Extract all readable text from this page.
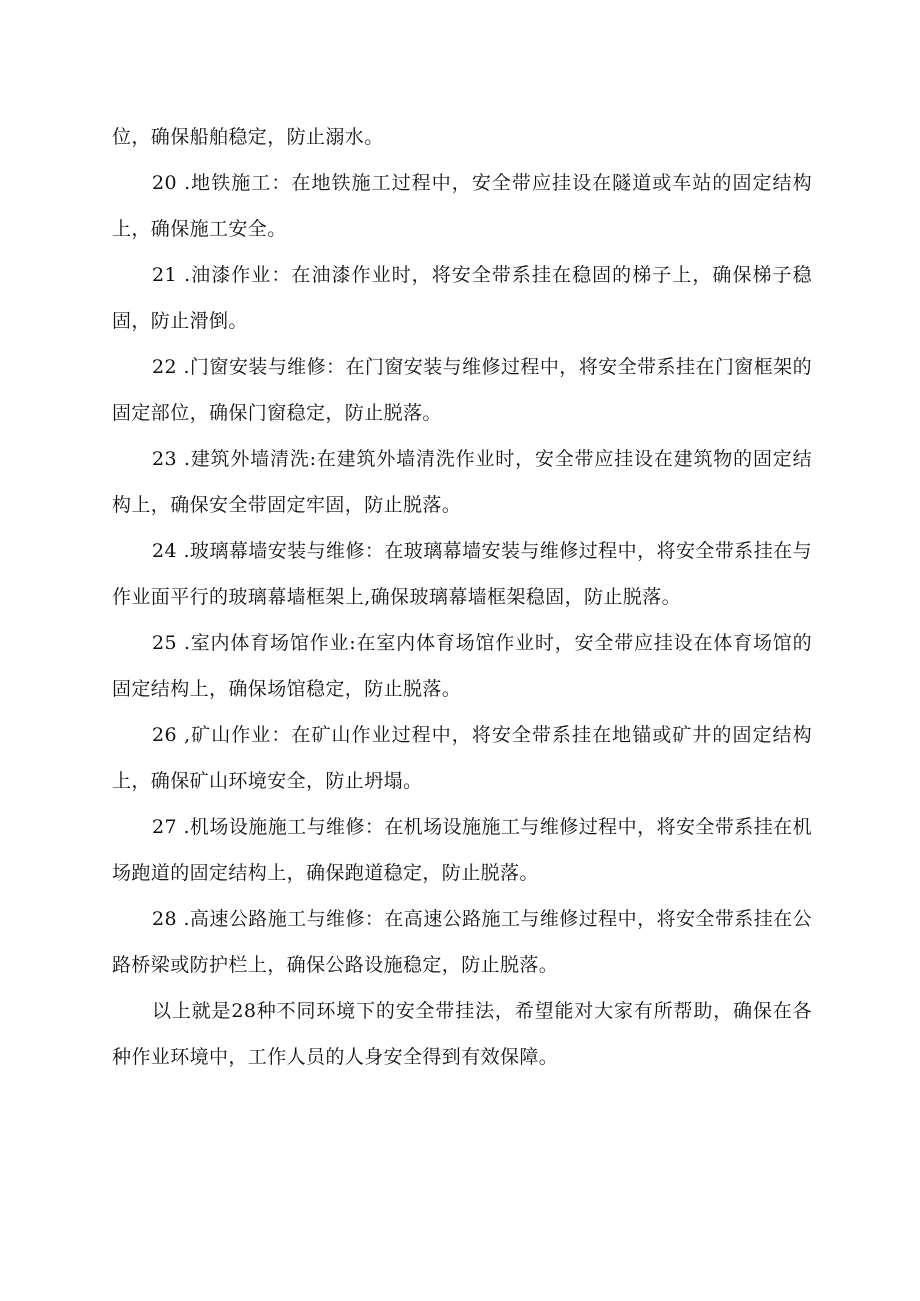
位，确保船舶稳定，防止溺水。

20 .地铁施工：在地铁施工过程中，安全带应挂设在隧道或车站的固定结构上，确保施工安全。

21 .油漆作业：在油漆作业时，将安全带系挂在稳固的梯子上，确保梯子稳固，防止滑倒。

22 .门窗安装与维修：在门窗安装与维修过程中，将安全带系挂在门窗框架的固定部位，确保门窗稳定，防止脱落。

23 .建筑外墙清洗:在建筑外墙清洗作业时，安全带应挂设在建筑物的固定结构上，确保安全带固定牢固，防止脱落。

24 .玻璃幕墙安装与维修：在玻璃幕墙安装与维修过程中，将安全带系挂在与作业面平行的玻璃幕墙框架上,确保玻璃幕墙框架稳固，防止脱落。

25 .室内体育场馆作业:在室内体育场馆作业时，安全带应挂设在体育场馆的固定结构上，确保场馆稳定，防止脱落。

26 ,矿山作业：在矿山作业过程中，将安全带系挂在地锚或矿井的固定结构上，确保矿山环境安全，防止坍塌。

27 .机场设施施工与维修：在机场设施施工与维修过程中，将安全带系挂在机场跑道的固定结构上，确保跑道稳定，防止脱落。

28 .高速公路施工与维修：在高速公路施工与维修过程中，将安全带系挂在公路桥梁或防护栏上，确保公路设施稳定，防止脱落。

以上就是28种不同环境下的安全带挂法，希望能对大家有所帮助，确保在各种作业环境中，工作人员的人身安全得到有效保障。
